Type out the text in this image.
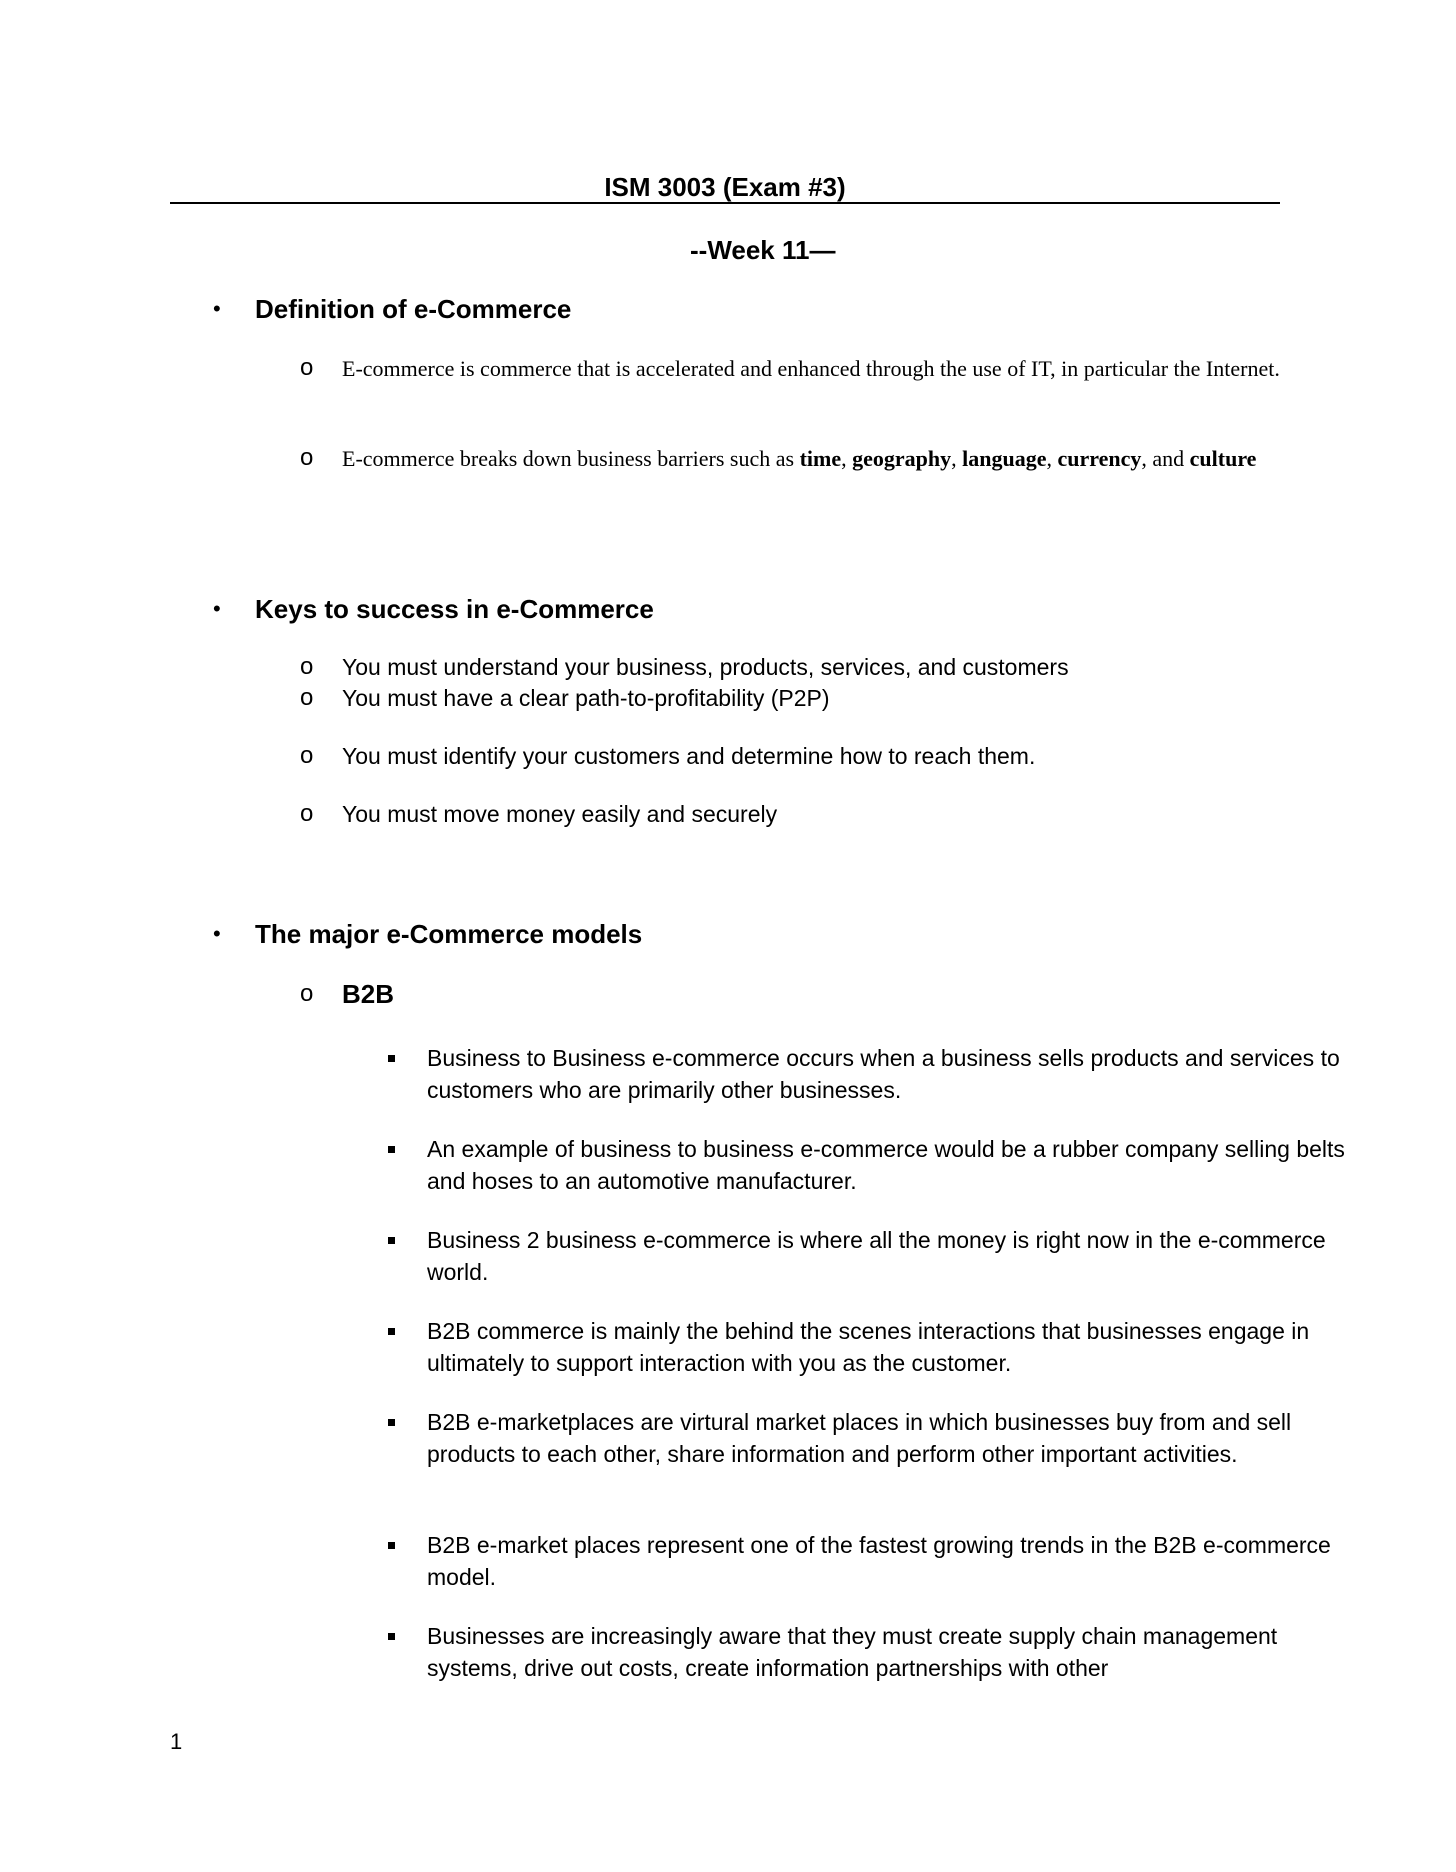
ISM 3003 (Exam #3)
--Week 11—
• Definition of e-Commerce
o E-commerce is commerce that is accelerated and enhanced through the use of IT, in particular the Internet.
o E-commerce breaks down business barriers such as time, geography, language, currency, and culture
• Keys to success in e-Commerce
o You must understand your business, products, services, and customers
o You must have a clear path-to-profitability (P2P)
o You must identify your customers and determine how to reach them.
o You must move money easily and securely
• The major e-Commerce models
o B2B
Business to Business e-commerce occurs when a business sells products and services to customers who are primarily other businesses.
An example of business to business e-commerce would be a rubber company selling belts and hoses to an automotive manufacturer.
Business 2 business e-commerce is where all the money is right now in the e-commerce world.
B2B commerce is mainly the behind the scenes interactions that businesses engage in ultimately to support interaction with you as the customer.
B2B e-marketplaces are virtural market places in which businesses buy from and sell products to each other, share information and perform other important activities.
B2B e-market places represent one of the fastest growing trends in the B2B e-commerce model.
Businesses are increasingly aware that they must create supply chain management systems, drive out costs, create information partnerships with other
1
